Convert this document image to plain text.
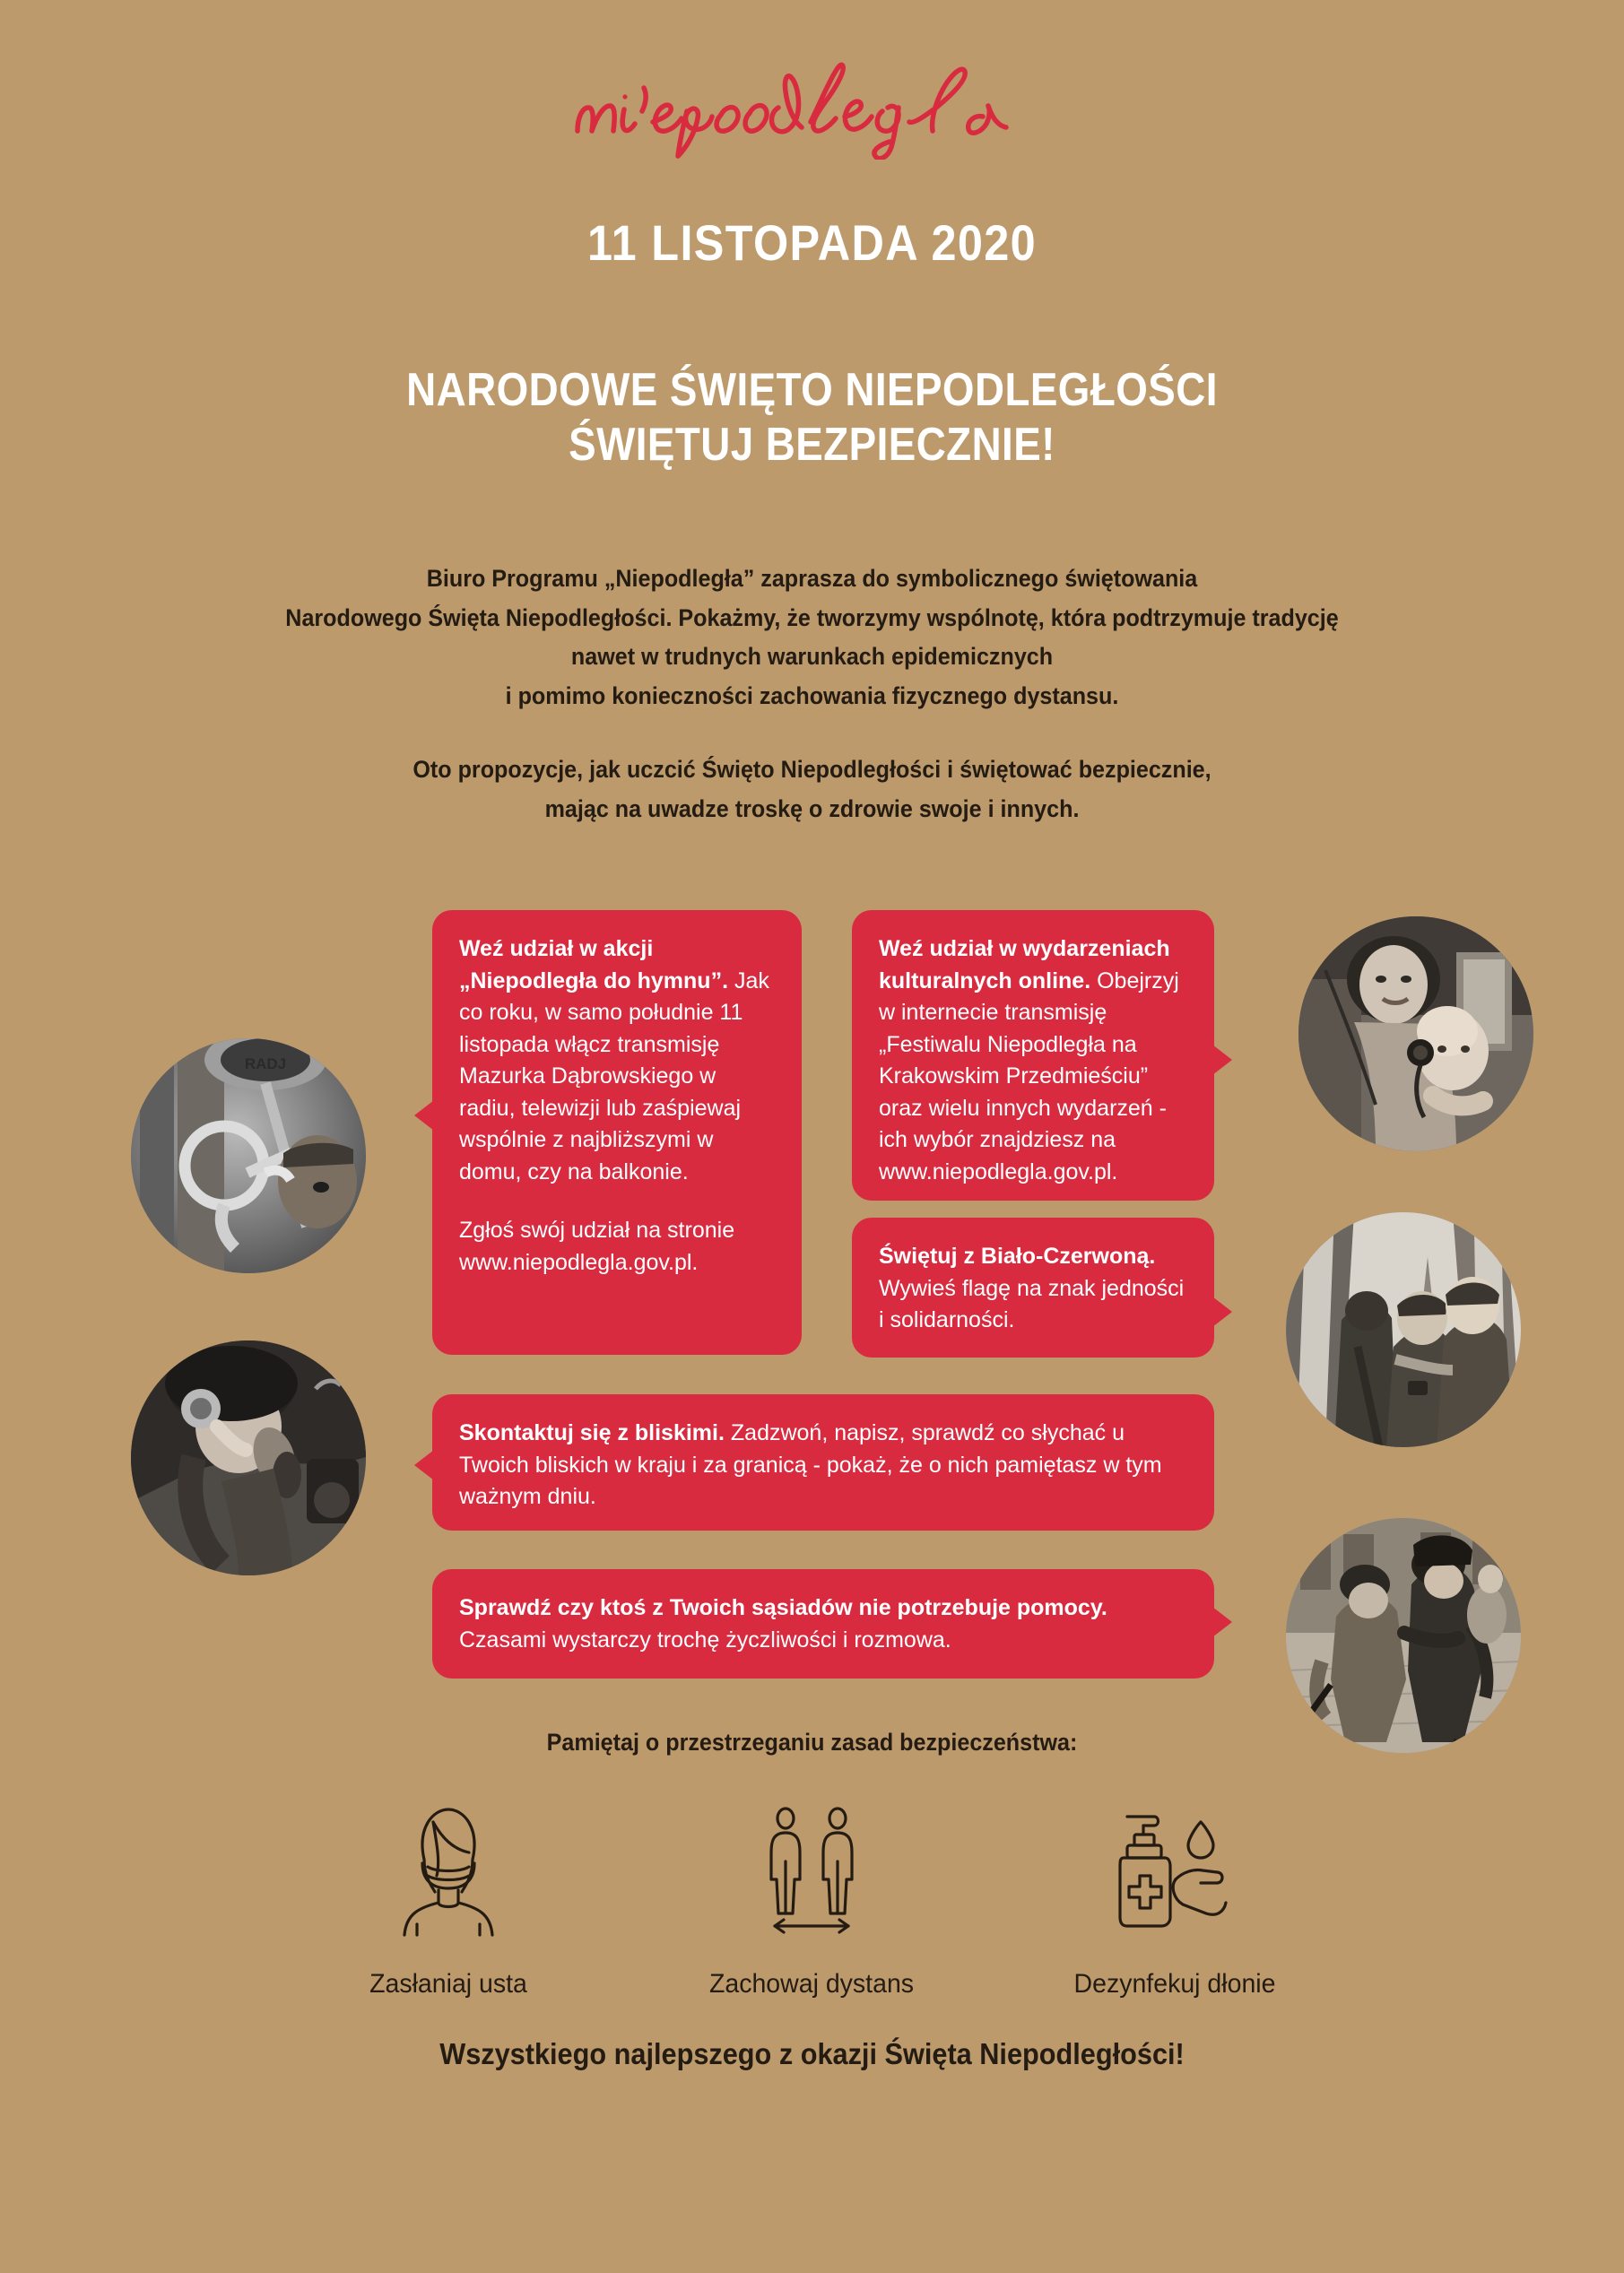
11 LISTOPADA 2020
NARODOWE ŚWIĘTO NIEPODLEGŁOŚCI
ŚWIĘTUJ BEZPIECZNIE!
Biuro Programu „Niepodległa” zaprasza do symbolicznego świętowania
Narodowego Święta Niepodległości. Pokażmy, że tworzymy wspólnotę, która podtrzymuje tradycję
nawet w trudnych warunkach epidemicznych
i pomimo konieczności zachowania fizycznego dystansu.
Oto propozycje, jak uczcić Święto Niepodległości i świętować bezpiecznie,
mając na uwadze troskę o zdrowie swoje i innych.
RADJ

Weź udział w akcji „Niepodległa do hymnu”. Jak co roku, w samo południe 11 listopada włącz transmisję Mazurka Dąbrowskiego w radiu, telewizji lub zaśpiewaj wspólnie z najbliższymi w domu, czy na balkonie.

Zgłoś swój udział na stronie www.niepodlegla.gov.pl.

Weź udział w wydarzeniach kulturalnych online. Obejrzyj w internecie transmisję „Festiwalu Niepodległa na Krakowskim Przedmieściu” oraz wielu innych wydarzeń - ich wybór znajdziesz na www.niepodlegla.gov.pl.

Świętuj z Biało-Czerwoną. Wywieś flagę na znak jedności i solidarności.

Skontaktuj się z bliskimi. Zadzwoń, napisz, sprawdź co słychać u Twoich bliskich w kraju i za granicą - pokaż, że o nich pamiętasz w tym ważnym dniu.

Sprawdź czy ktoś z Twoich sąsiadów nie potrzebuje pomocy. Czasami wystarczy trochę życzliwości i rozmowa.

Pamiętaj o przestrzeganiu zasad bezpieczeństwa:
Zasłaniaj usta	Zachowaj dystans	Dezynfekuj dłonie
Wszystkiego najlepszego z okazji Święta Niepodległości!
